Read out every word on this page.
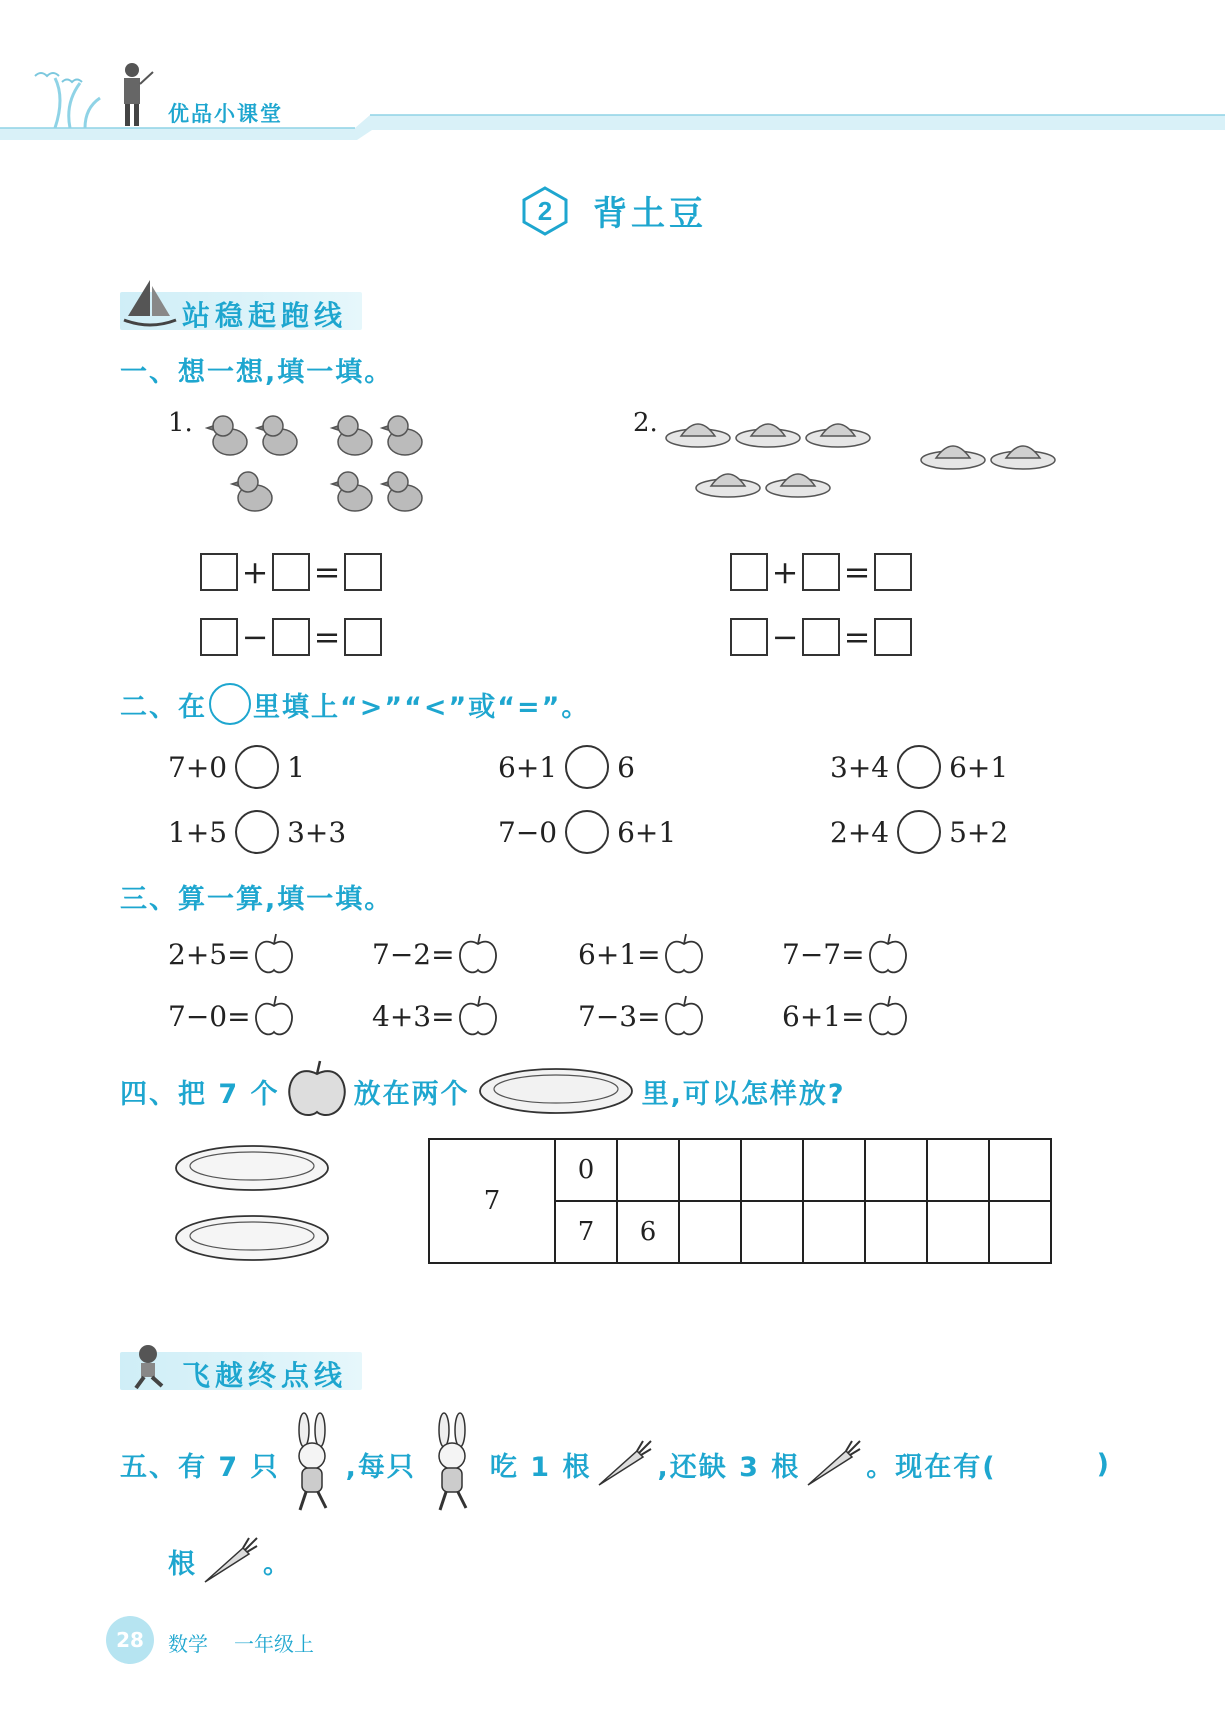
优品小课堂
2 背土豆
站稳起跑线
一、想一想,填一填。
1.	2.
+ =
− =
+ =
− =
二、在 里填上“>”“<”或“=”。
7+0 1	6+1 6	3+4 6+1
1+5 3+3	7−0 6+1	2+4 5+2
三、算一算,填一填。
2+5=	7−2=	6+1=	7−7=
7−0=	4+3=	7−3=	6+1=
四、把 7 个	放在两个	里,可以怎样放?
7	0							
	7	6						
飞越终点线
五、有 7 只 ,每只	吃 1 根 ,还缺 3 根 。现在有(	)
根 。
28 数学 一年级上
